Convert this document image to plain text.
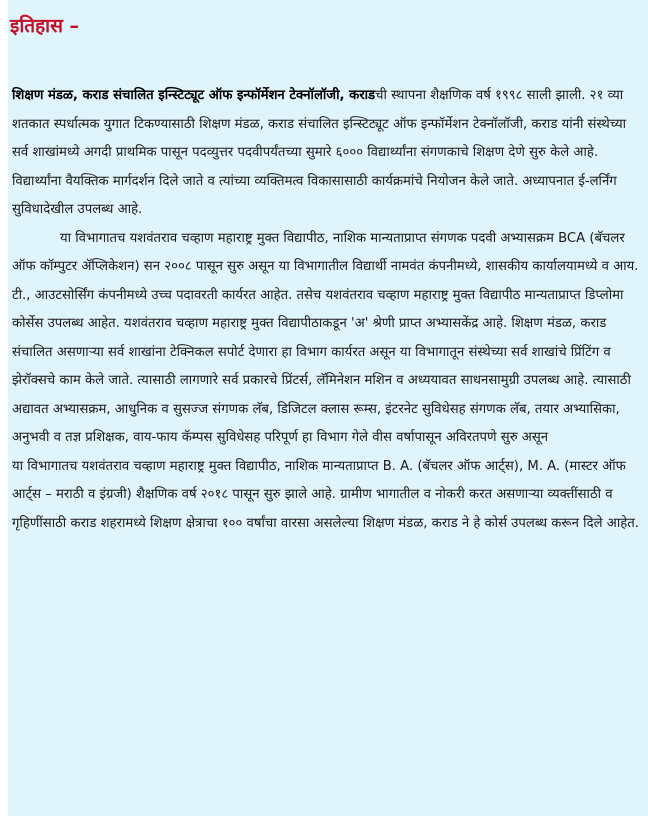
इतिहास –

शिक्षण मंडळ, कराड संचालित इन्स्टिट्यूट ऑफ इन्फॉर्मेशन टेक्नॉलॉजी, कराडची स्थापना शैक्षणिक वर्ष १९९८ साली झाली. २१ व्या शतकात स्पर्धात्मक युगात टिकण्यासाठी शिक्षण मंडळ, कराड संचालित इन्स्टिट्यूट ऑफ इन्फॉर्मेशन टेक्नॉलॉजी, कराड यांनी संस्थेच्या सर्व शाखांमध्ये अगदी प्राथमिक पासून पदव्युत्तर पदवीपर्यंतच्या सुमारे ६००० विद्यार्थ्यांना संगणकाचे शिक्षण देणे सुरु केले आहे. विद्यार्थ्यांना वैयक्तिक मार्गदर्शन दिले जाते व त्यांच्या व्यक्तिमत्व विकासासाठी कार्यक्रमांचे नियोजन केले जाते. अध्यापनात ई-लर्निंग सुविधादेखील उपलब्ध आहे.

या विभागातच यशवंतराव चव्हाण महाराष्ट्र मुक्त विद्यापीठ, नाशिक मान्यताप्राप्त संगणक पदवी अभ्यासक्रम BCA (बॅचलर ऑफ कॉम्पुटर ॲप्लिकेशन) सन २००८ पासून सुरु असून या विभागातील विद्यार्थी नामवंत कंपनीमध्ये, शासकीय कार्यालयामध्ये व आय. टी., आउटसोर्सिंग कंपनीमध्ये उच्च पदावरती कार्यरत आहेत. तसेच यशवंतराव चव्हाण महाराष्ट्र मुक्त विद्यापीठ मान्यताप्राप्त डिप्लोमा कोर्सेस उपलब्ध आहेत. यशवंतराव चव्हाण महाराष्ट्र मुक्त विद्यापीठाकडून 'अ' श्रेणी प्राप्त अभ्यासकेंद्र आहे. शिक्षण मंडळ, कराड संचालित असणाऱ्या सर्व शाखांना टेक्निकल सपोर्ट देणारा हा विभाग कार्यरत असून या विभागातून संस्थेच्या सर्व शाखांचे प्रिंटिंग व झेरॉक्सचे काम केले जाते. त्यासाठी लागणारे सर्व प्रकारचे प्रिंटर्स, लॅमिनेशन मशिन व अध्ययावत साधनसामुग्री उपलब्ध आहे. त्यासाठी अद्यावत अभ्यासक्रम, आधुनिक व सुसज्ज संगणक लॅब, डिजिटल क्लास रूम्स, इंटरनेट सुविधेसह संगणक लॅब, तयार अभ्यासिका, अनुभवी व तज्ञ प्रशिक्षक, वाय-फाय कॅम्पस सुविधेसह परिपूर्ण हा विभाग गेले वीस वर्षापासून अविरतपणे सुरु असून

या विभागातच यशवंतराव चव्हाण महाराष्ट्र मुक्त विद्यापीठ, नाशिक मान्यताप्राप्त B. A. (बॅचलर ऑफ आर्ट्स), M. A. (मास्टर ऑफ आर्ट्स – मराठी व इंग्रजी) शैक्षणिक वर्ष २०१८ पासून सुरु झाले आहे. ग्रामीण भागातील व नोकरी करत असणाऱ्या व्यक्तींसाठी व गृहिणींसाठी कराड शहरामध्ये शिक्षण क्षेत्राचा १०० वर्षांचा वारसा असलेल्या शिक्षण मंडळ, कराड ने हे कोर्स उपलब्ध करून दिले आहेत.
